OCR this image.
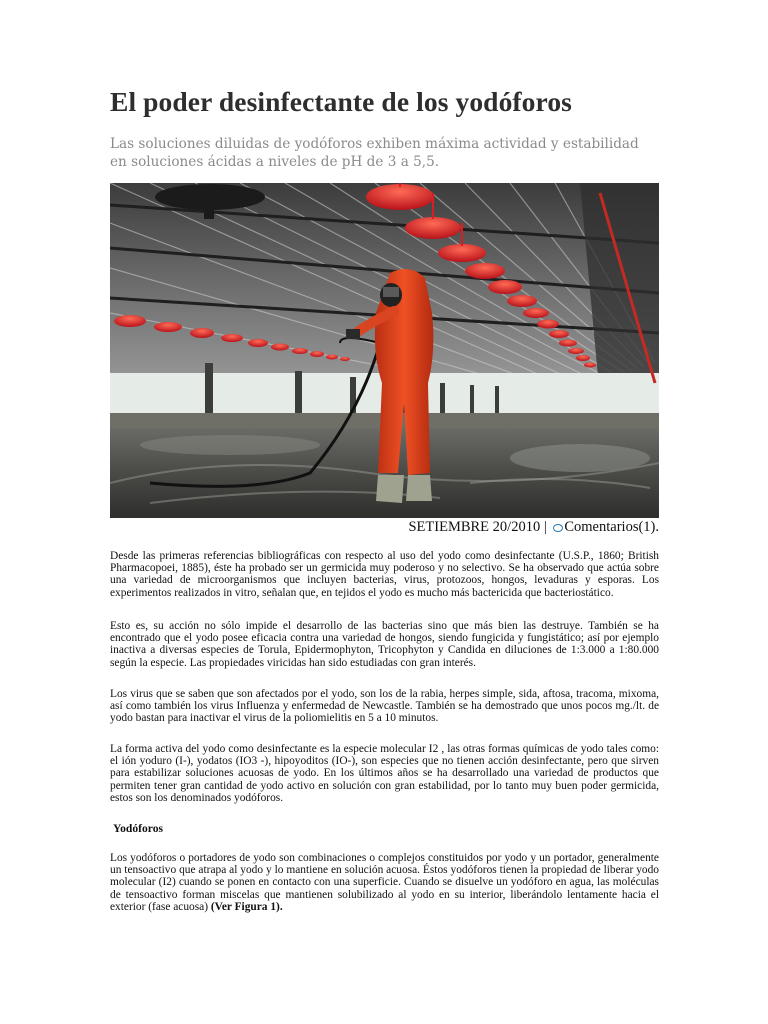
El poder desinfectante de los yodóforos

Las soluciones diluidas de yodóforos exhiben máxima actividad y estabilidad en soluciones ácidas a niveles de pH de 3 a 5,5.

SETIEMBRE 20/2010 | Comentarios(1).

Desde las primeras referencias bibliográficas con respecto al uso del yodo como desinfectante (U.S.P., 1860; British Pharmacopoei, 1885), éste ha probado ser un germicida muy poderoso y no selectivo. Se ha observado que actúa sobre una variedad de microorganismos que incluyen bacterias, virus, protozoos, hongos, levaduras y esporas. Los experimentos realizados in vitro, señalan que, en tejidos el yodo es mucho más bactericida que bacteriostático.

Esto es, su acción no sólo impide el desarrollo de las bacterias sino que más bien las destruye. También se ha encontrado que el yodo posee eficacia contra una variedad de hongos, siendo fungicida y fungistático; así por ejemplo inactiva a diversas especies de Torula, Epidermophyton, Tricophyton y Candida en diluciones de 1:3.000 a 1:80.000 según la especie. Las propiedades viricidas han sido estudiadas con gran interés.

Los virus que se saben que son afectados por el yodo, son los de la rabia, herpes simple, sida, aftosa, tracoma, mixoma, así como también los virus Influenza y enfermedad de Newcastle. También se ha demostrado que unos pocos mg./lt. de yodo bastan para inactivar el virus de la poliomielitis en 5 a 10 minutos.

La forma activa del yodo como desinfectante es la especie molecular I2 , las otras formas químicas de yodo tales como: el ión yoduro (I-), yodatos (IO3 -), hipoyoditos (IO-), son especies que no tienen acción desinfectante, pero que sirven para estabilizar soluciones acuosas de yodo. En los últimos años se ha desarrollado una variedad de productos que permiten tener gran cantidad de yodo activo en solución con gran estabilidad, por lo tanto muy buen poder germicida, estos son los denominados yodóforos.

Yodóforos

Los yodóforos o portadores de yodo son combinaciones o complejos constituidos por yodo y un portador, generalmente un tensoactivo que atrapa al yodo y lo mantiene en solución acuosa. Éstos yodóforos tienen la propiedad de liberar yodo molecular (I2) cuando se ponen en contacto con una superficie. Cuando se disuelve un yodóforo en agua, las moléculas de tensoactivo forman miscelas que mantienen solubilizado al yodo en su interior, liberándolo lentamente hacia el exterior (fase acuosa) (Ver Figura 1).
